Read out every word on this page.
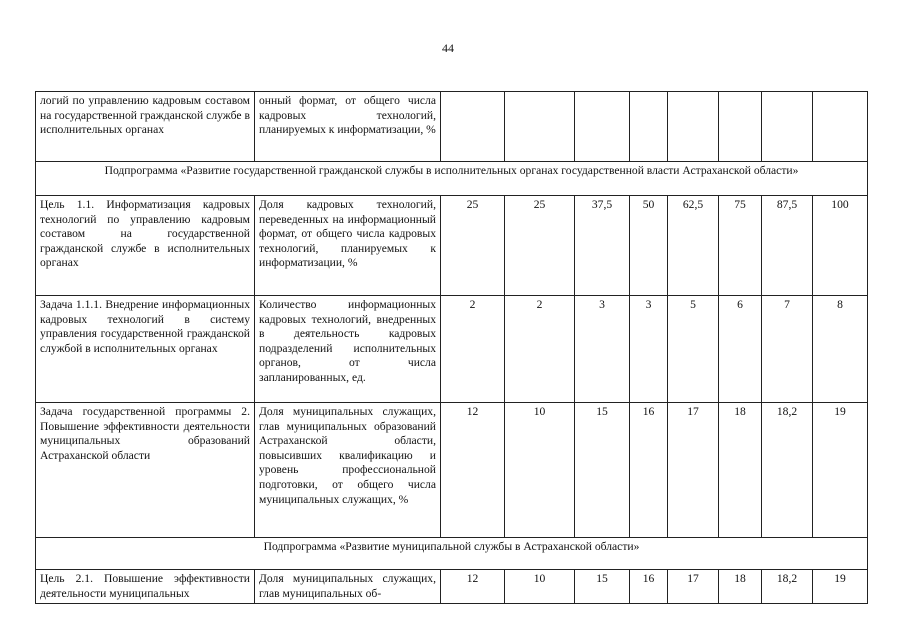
44
логий по управлению кадровым составом на государственной гражданской службе в исполнительных органах	онный формат, от общего числа кадровых технологий, планируемых к информатизации, %								
Подпрограмма «Развитие государственной гражданской службы в исполнительных органах государственной власти Астраханской области»									
Цель 1.1. Информатизация кадровых технологий по управлению кадровым составом на государственной гражданской службе в исполнительных органах	Доля кадровых технологий, переведенных на информационный формат, от общего числа кадровых технологий, планируемых к информатизации, %	25	25	37,5	50	62,5	75	87,5	100
Задача 1.1.1. Внедрение информационных кадровых технологий в систему управления государственной гражданской службой в исполнительных органах	Количество информационных кадровых технологий, внедренных в деятельность кадровых подразделений исполнительных органов, от числа запланированных, ед.	2	2	3	3	5	6	7	8
Задача государственной программы 2. Повышение эффективности деятельности муниципальных образований Астраханской области	Доля муниципальных служащих, глав муниципальных образований Астраханской области, повысивших квалификацию и уровень профессиональной подготовки, от общего числа муниципальных служащих, %	12	10	15	16	17	18	18,2	19
Подпрограмма «Развитие муниципальной службы в Астраханской области»									
Цель 2.1. Повышение эффективности деятельности муниципальных	Доля муниципальных служащих, глав муниципальных об-	12	10	15	16	17	18	18,2	19
